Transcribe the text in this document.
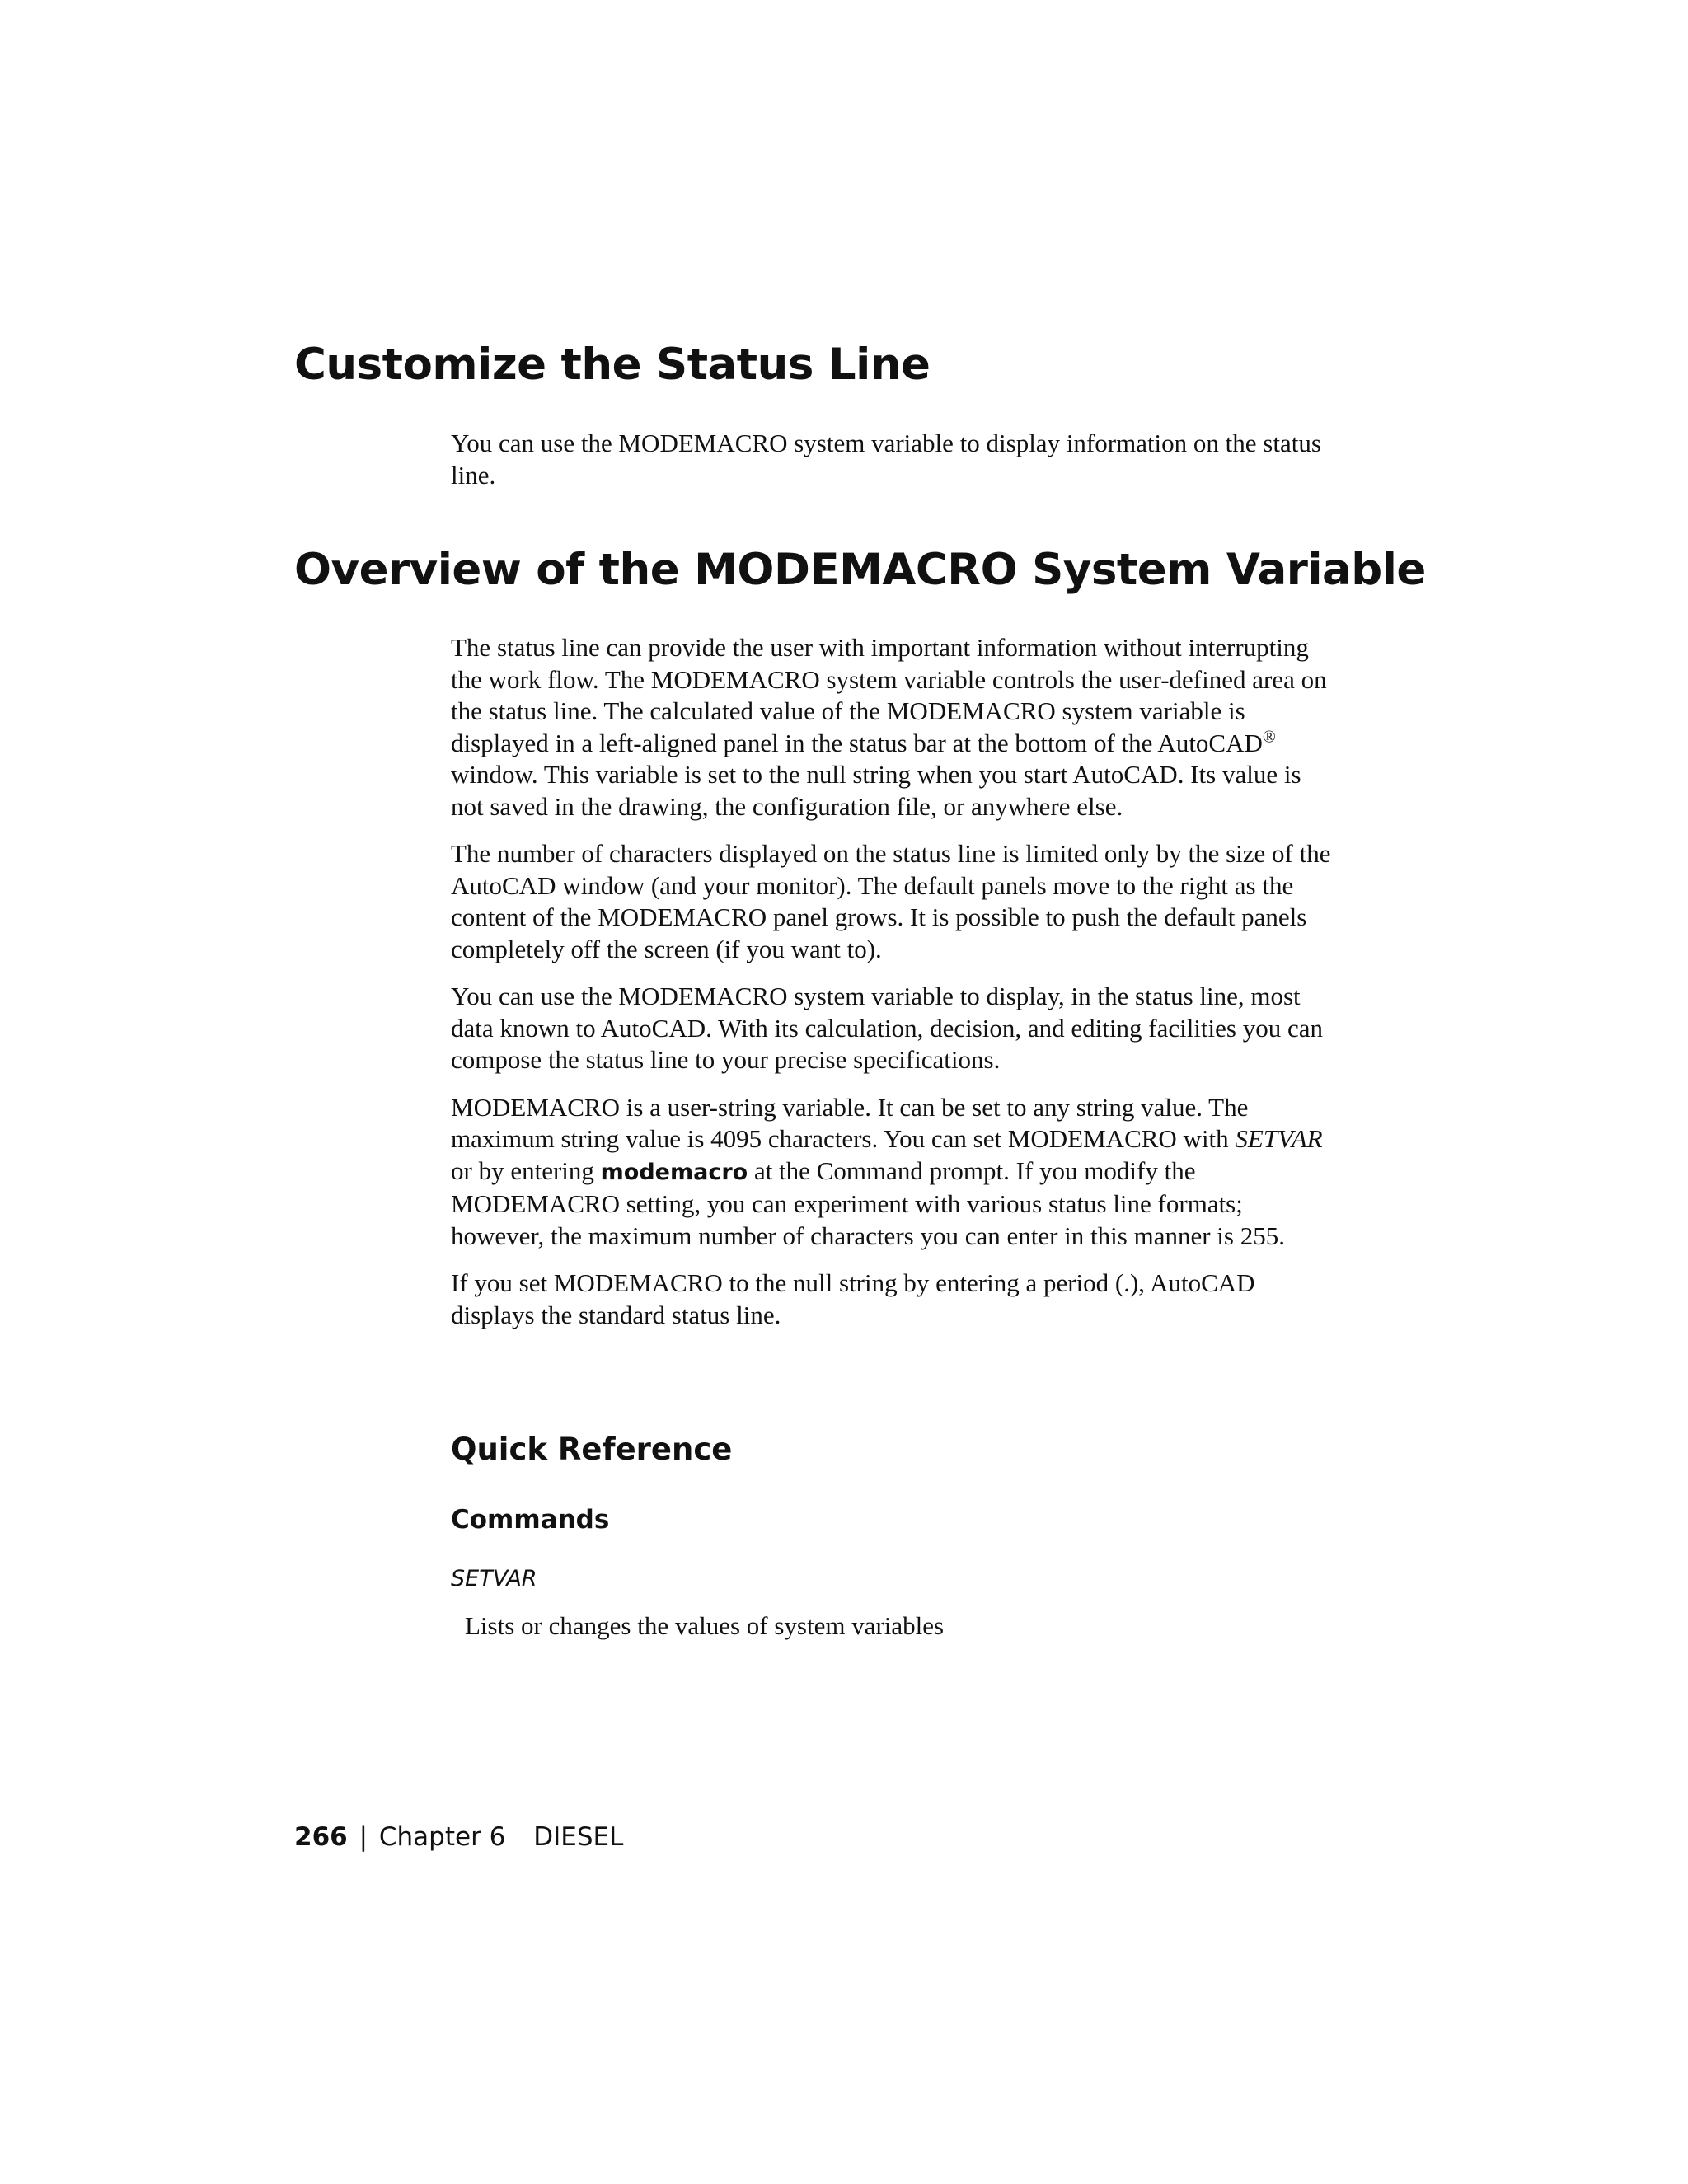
Customize the Status Line

You can use the MODEMACRO system variable to display information on the status line.

Overview of the MODEMACRO System Variable

The status line can provide the user with important information without interrupting the work flow. The MODEMACRO system variable controls the user-defined area on the status line. The calculated value of the MODEMACRO system variable is displayed in a left-aligned panel in the status bar at the bottom of the AutoCAD® window. This variable is set to the null string when you start AutoCAD. Its value is not saved in the drawing, the configuration file, or anywhere else.

The number of characters displayed on the status line is limited only by the size of the AutoCAD window (and your monitor). The default panels move to the right as the content of the MODEMACRO panel grows. It is possible to push the default panels completely off the screen (if you want to).

You can use the MODEMACRO system variable to display, in the status line, most data known to AutoCAD. With its calculation, decision, and editing facilities you can compose the status line to your precise specifications.

MODEMACRO is a user-string variable. It can be set to any string value. The maximum string value is 4095 characters. You can set MODEMACRO with SETVAR or by entering modemacro at the Command prompt. If you modify the MODEMACRO setting, you can experiment with various status line formats; however, the maximum number of characters you can enter in this manner is 255.

If you set MODEMACRO to the null string by entering a period (.), AutoCAD displays the standard status line.

Quick Reference
Commands
SETVAR
Lists or changes the values of system variables
266 | Chapter 6 DIESEL
